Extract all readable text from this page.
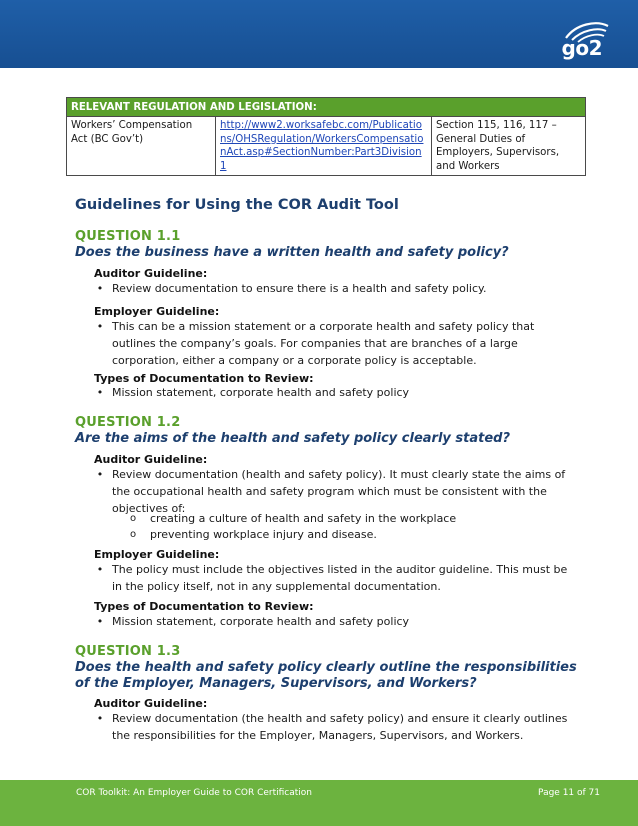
go2
RELEVANT REGULATION AND LEGISLATION:
Workers’ Compensation Act (BC Gov’t)	http://www2.worksafebc.com/Publications/OHSRegulation/WorkersCompensationAct.asp#SectionNumber:Part3Division1	Section 115, 116, 117 – General Duties of Employers, Supervisors, and Workers
Guidelines for Using the COR Audit Tool
QUESTION 1.1
Does the business have a written health and safety policy?
Auditor Guideline:
• Review documentation to ensure there is a health and safety policy.
Employer Guideline:
• This can be a mission statement or a corporate health and safety policy that outlines the company’s goals. For companies that are branches of a large corporation, either a company or a corporate policy is acceptable.
Types of Documentation to Review:
• Mission statement, corporate health and safety policy
QUESTION 1.2
Are the aims of the health and safety policy clearly stated?
Auditor Guideline:
• Review documentation (health and safety policy). It must clearly state the aims of the occupational health and safety program which must be consistent with the objectives of:
o creating a culture of health and safety in the workplace
o preventing workplace injury and disease.
Employer Guideline:
• The policy must include the objectives listed in the auditor guideline. This must be in the policy itself, not in any supplemental documentation.
Types of Documentation to Review:
• Mission statement, corporate health and safety policy
QUESTION 1.3
Does the health and safety policy clearly outline the responsibilities of the Employer, Managers, Supervisors, and Workers?
Auditor Guideline:
• Review documentation (the health and safety policy) and ensure it clearly outlines the responsibilities for the Employer, Managers, Supervisors, and Workers.
COR Toolkit: An Employer Guide to COR Certification	Page 11 of 71
